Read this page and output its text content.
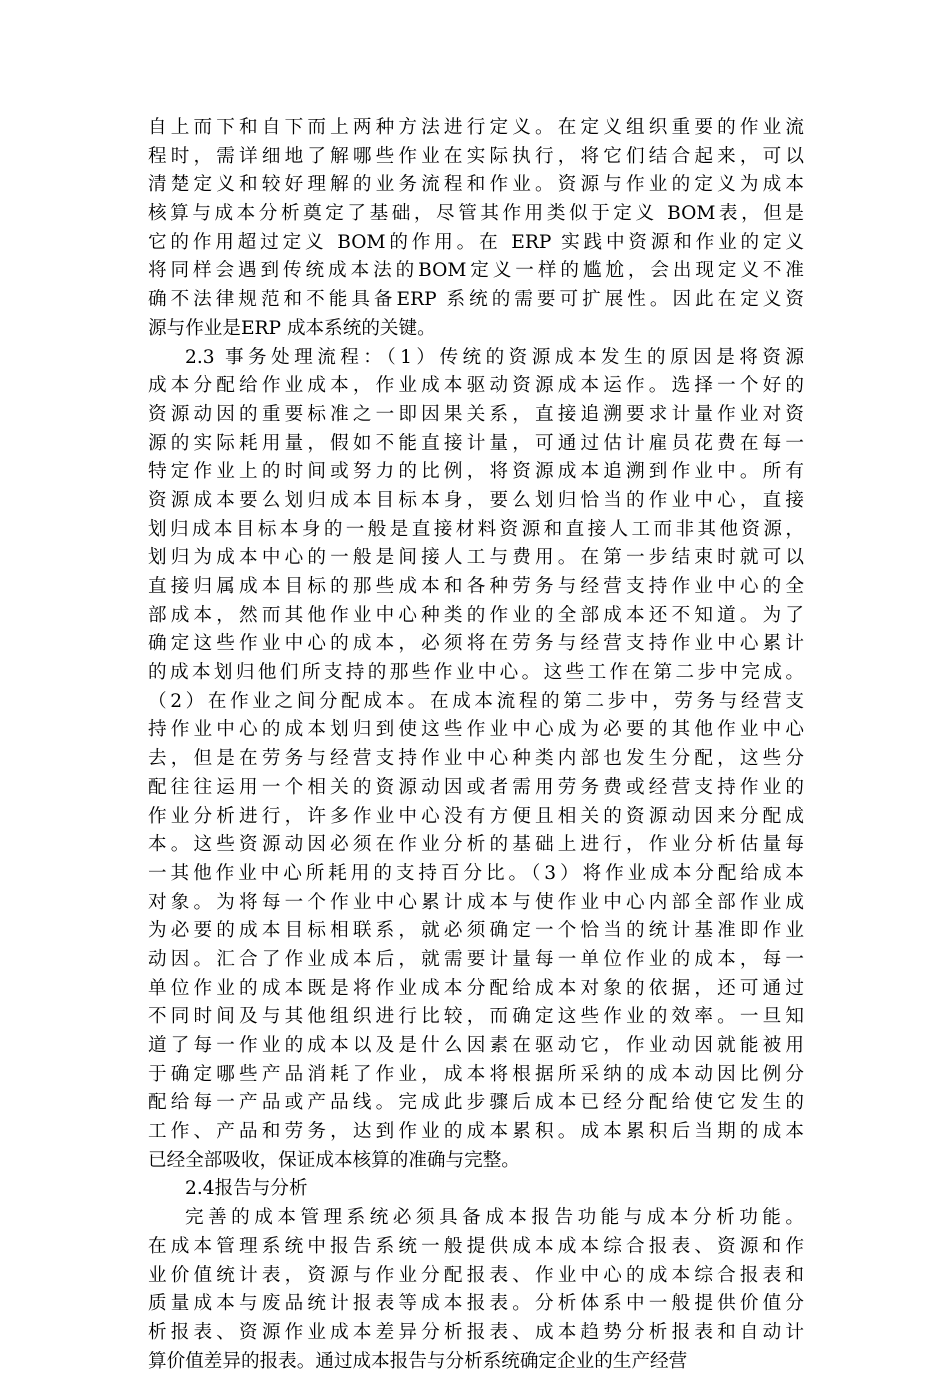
自上而下和自下而上两种方法进行定义。在定义组织重要的作业流
程时，需详细地了解哪些作业在实际执行，将它们结合起来，可以
清楚定义和较好理解的业务流程和作业。资源与作业的定义为成本
核算与成本分析奠定了基础，尽管其作用类似于定义 BOM表，但是
它的作用超过定义 BOM的作用。在 ERP 实践中资源和作业的定义
将同样会遇到传统成本法的BOM定义一样的尴尬，会出现定义不准
确不法律规范和不能具备ERP 系统的需要可扩展性。因此在定义资
源与作业是ERP 成本系统的关键。
2.3 事务处理流程：（1）传统的资源成本发生的原因是将资源
成本分配给作业成本，作业成本驱动资源成本运作。选择一个好的
资源动因的重要标准之一即因果关系，直接追溯要求计量作业对资
源的实际耗用量，假如不能直接计量，可通过估计雇员花费在每一
特定作业上的时间或努力的比例，将资源成本追溯到作业中。所有
资源成本要么划归成本目标本身，要么划归恰当的作业中心，直接
划归成本目标本身的一般是直接材料资源和直接人工而非其他资源，
划归为成本中心的一般是间接人工与费用。在第一步结束时就可以
直接归属成本目标的那些成本和各种劳务与经营支持作业中心的全
部成本，然而其他作业中心种类的作业的全部成本还不知道。为了
确定这些作业中心的成本，必须将在劳务与经营支持作业中心累计
的成本划归他们所支持的那些作业中心。这些工作在第二步中完成。
（2）在作业之间分配成本。在成本流程的第二步中，劳务与经营支
持作业中心的成本划归到使这些作业中心成为必要的其他作业中心
去，但是在劳务与经营支持作业中心种类内部也发生分配，这些分
配往往运用一个相关的资源动因或者需用劳务费或经营支持作业的
作业分析进行，许多作业中心没有方便且相关的资源动因来分配成
本。这些资源动因必须在作业分析的基础上进行，作业分析估量每
一其他作业中心所耗用的支持百分比。（3）将作业成本分配给成本
对象。为将每一个作业中心累计成本与使作业中心内部全部作业成
为必要的成本目标相联系，就必须确定一个恰当的统计基准即作业
动因。汇合了作业成本后，就需要计量每一单位作业的成本，每一
单位作业的成本既是将作业成本分配给成本对象的依据，还可通过
不同时间及与其他组织进行比较，而确定这些作业的效率。一旦知
道了每一作业的成本以及是什么因素在驱动它，作业动因就能被用
于确定哪些产品消耗了作业，成本将根据所采纳的成本动因比例分
配给每一产品或产品线。完成此步骤后成本已经分配给使它发生的
工作、产品和劳务，达到作业的成本累积。成本累积后当期的成本
已经全部吸收，保证成本核算的准确与完整。
2.4报告与分析
完善的成本管理系统必须具备成本报告功能与成本分析功能。
在成本管理系统中报告系统一般提供成本成本综合报表、资源和作
业价值统计表，资源与作业分配报表、作业中心的成本综合报表和
质量成本与废品统计报表等成本报表。分析体系中一般提供价值分
析报表、资源作业成本差异分析报表、成本趋势分析报表和自动计
算价值差异的报表。通过成本报告与分析系统确定企业的生产经营
